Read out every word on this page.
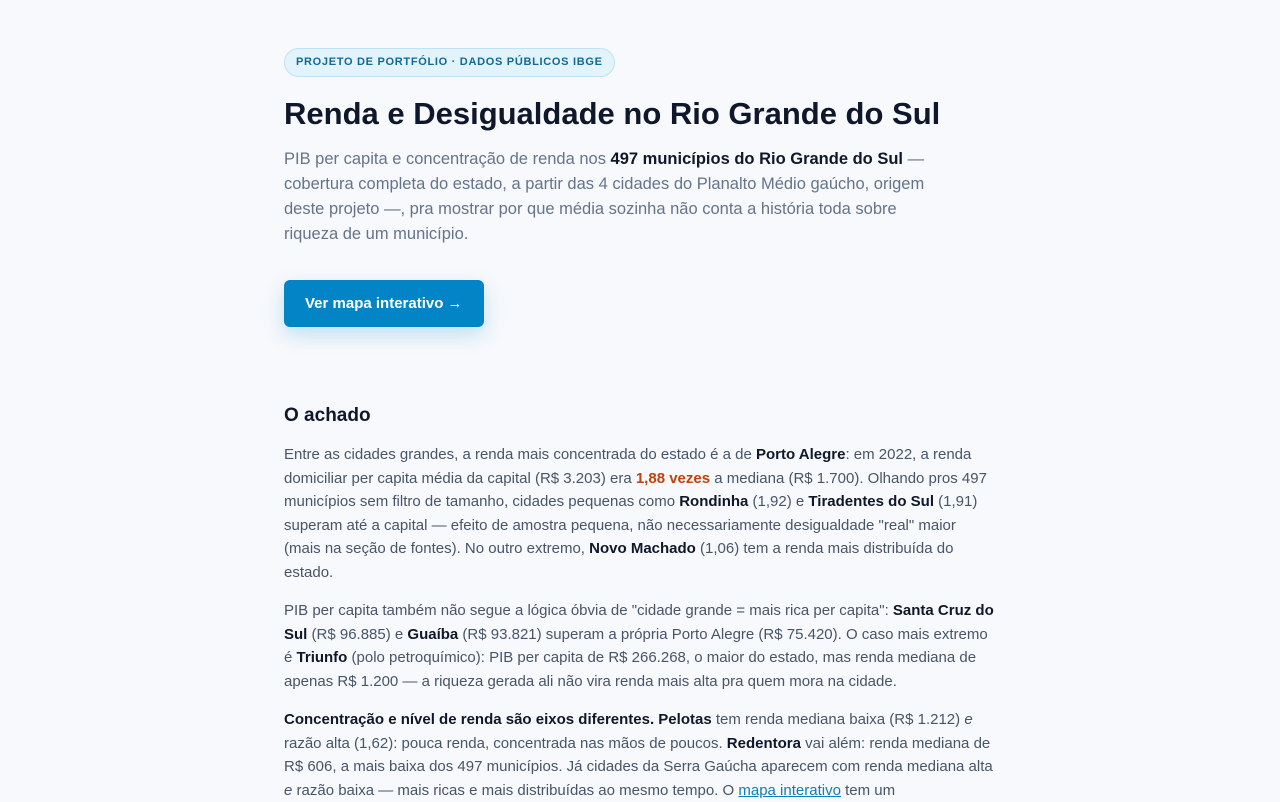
PROJETO DE PORTFÓLIO · DADOS PÚBLICOS IBGE
Renda e Desigualdade no Rio Grande do Sul

PIB per capita e concentração de renda nos 497 municípios do Rio Grande do Sul — cobertura completa do estado, a partir das 4 cidades do Planalto Médio gaúcho, origem deste projeto —, pra mostrar por que média sozinha não conta a história toda sobre riqueza de um município.

Ver mapa interativo →
O achado

Entre as cidades grandes, a renda mais concentrada do estado é a de Porto Alegre: em 2022, a renda domiciliar per capita média da capital (R$ 3.203) era 1,88 vezes a mediana (R$ 1.700). Olhando pros 497 municípios sem filtro de tamanho, cidades pequenas como Rondinha (1,92) e Tiradentes do Sul (1,91) superam até a capital — efeito de amostra pequena, não necessariamente desigualdade "real" maior (mais na seção de fontes). No outro extremo, Novo Machado (1,06) tem a renda mais distribuída do estado.

PIB per capita também não segue a lógica óbvia de "cidade grande = mais rica per capita": Santa Cruz do Sul (R$ 96.885) e Guaíba (R$ 93.821) superam a própria Porto Alegre (R$ 75.420). O caso mais extremo é Triunfo (polo petroquímico): PIB per capita de R$ 266.268, o maior do estado, mas renda mediana de apenas R$ 1.200 — a riqueza gerada ali não vira renda mais alta pra quem mora na cidade.

Concentração e nível de renda são eixos diferentes. Pelotas tem renda mediana baixa (R$ 1.212) e razão alta (1,62): pouca renda, concentrada nas mãos de poucos. Redentora vai além: renda mediana de R$ 606, a mais baixa dos 497 municípios. Já cidades da Serra Gaúcha aparecem com renda mediana alta e razão baixa — mais ricas e mais distribuídas ao mesmo tempo. O mapa interativo tem um
